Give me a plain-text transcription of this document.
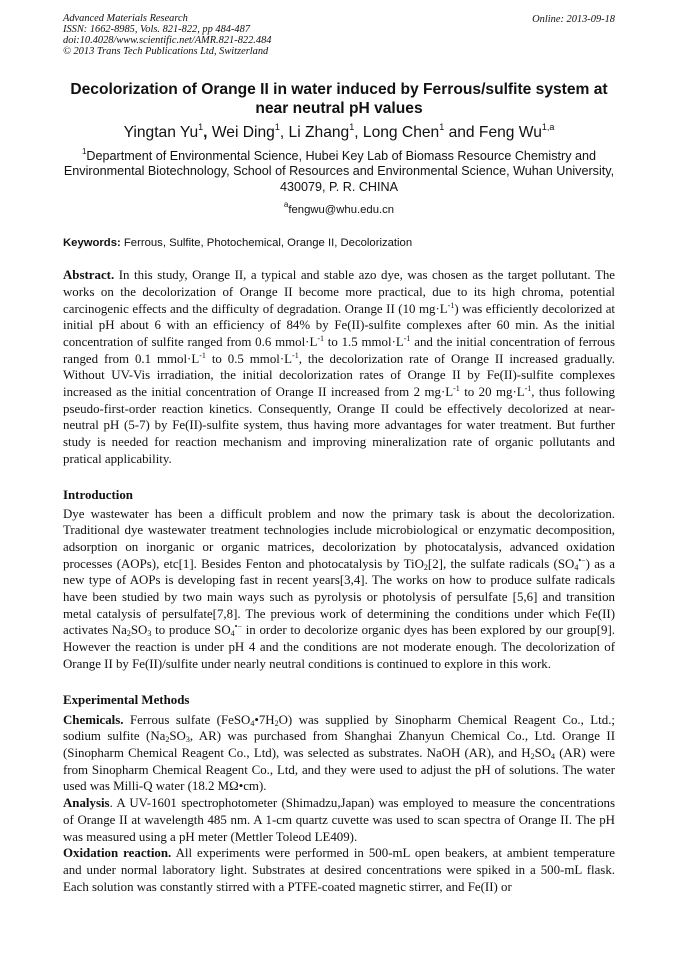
Advanced Materials Research
ISSN: 1662-8985, Vols. 821-822, pp 484-487
doi:10.4028/www.scientific.net/AMR.821-822.484
© 2013 Trans Tech Publications Ltd, Switzerland
Online: 2013-09-18
Decolorization of Orange II in water induced by Ferrous/sulfite system at near neutral pH values
Yingtan Yu$^1$, Wei Ding$^1$, Li Zhang$^1$, Long Chen$^1$ and Feng Wu$^{1,a}$
$^1$Department of Environmental Science, Hubei Key Lab of Biomass Resource Chemistry and Environmental Biotechnology, School of Resources and Environmental Science, Wuhan University, 430079, P. R. CHINA
$^a$fengwu@whu.edu.cn
Keywords: Ferrous, Sulfite, Photochemical, Orange II, Decolorization

Abstract. In this study, Orange II, a typical and stable azo dye, was chosen as the target pollutant. The works on the decolorization of Orange II become more practical, due to its high chroma, potential carcinogenic effects and the difficulty of degradation. Orange II (10 $mg\cdot L^{-1}$) was efficiently decolorized at initial pH about 6 with an efficiency of 84% by Fe(II)-sulfite complexes after 60 min. As the initial concentration of sulfite ranged from 0.6 $mmol\cdot L^{-1}$ to 1.5 $mmol\cdot L^{-1}$ and the initial concentration of ferrous ranged from 0.1 $mmol\cdot L^{-1}$ to 0.5 $mmol\cdot L^{-1}$, the decolorization rate of Orange II increased gradually. Without UV-Vis irradiation, the initial decolorization rates of Orange II by Fe(II)-sulfite complexes increased as the initial concentration of Orange II increased from 2 $mg\cdot L^{-1}$ to 20 $mg\cdot L^{-1}$, thus following pseudo-first-order reaction kinetics. Consequently, Orange II could be effectively decolorized at near-neutral pH (5-7) by Fe(II)-sulfite system, thus having more advantages for water treatment. But further study is needed for reaction mechanism and improving mineralization rate of organic pollutants and pratical applicability.

Introduction

Dye wastewater has been a difficult problem and now the primary task is about the decolorization. Traditional dye wastewater treatment technologies include microbiological or enzymatic decomposition, adsorption on inorganic or organic matrices, decolorization by photocatalysis, advanced oxidation processes (AOPs), etc[1]. Besides Fenton and photocatalysis by TiO$_2$[2], the sulfate radicals $(SO_4^{•-})$ as a new type of AOPs is developing fast in recent years[3,4]. The works on how to produce sulfate radicals have been studied by two main ways such as pyrolysis or photolysis of persulfate [5,6] and transition metal catalysis of persulfate[7,8]. The previous work of determining the conditions under which Fe(II) activates $Na_2SO_3$ to produce $SO_4^{•-}$ in order to decolorize organic dyes has been explored by our group[9]. However the reaction is under pH 4 and the conditions are not moderate enough. The decolorization of Orange II by Fe(II)/sulfite under nearly neutral conditions is continued to explore in this work.

Experimental Methods

Chemicals. Ferrous sulfate $(FeSO_4•7H_2O)$ was supplied by Sinopharm Chemical Reagent Co., Ltd.; sodium sulfite ($Na_2SO_3$, AR) was purchased from Shanghai Zhanyun Chemical Co., Ltd. Orange II (Sinopharm Chemical Reagent Co., Ltd), was selected as substrates. NaOH (AR), and $H_2SO_4$ (AR) were from Sinopharm Chemical Reagent Co., Ltd, and they were used to adjust the pH of solutions. The water used was Milli-Q water (18.2 MΩ•cm).

Analysis. A UV-1601 spectrophotometer (Shimadzu,Japan) was employed to measure the concentrations of Orange II at wavelength 485 nm. A 1-cm quartz cuvette was used to scan spectra of Orange II. The pH was measured using a pH meter (Mettler Toleod LE409).

Oxidation reaction. All experiments were performed in 500-mL open beakers, at ambient temperature and under normal laboratory light. Substrates at desired concentrations were spiked in a 500-mL flask. Each solution was constantly stirred with a PTFE-coated magnetic stirrer, and Fe(II) or
